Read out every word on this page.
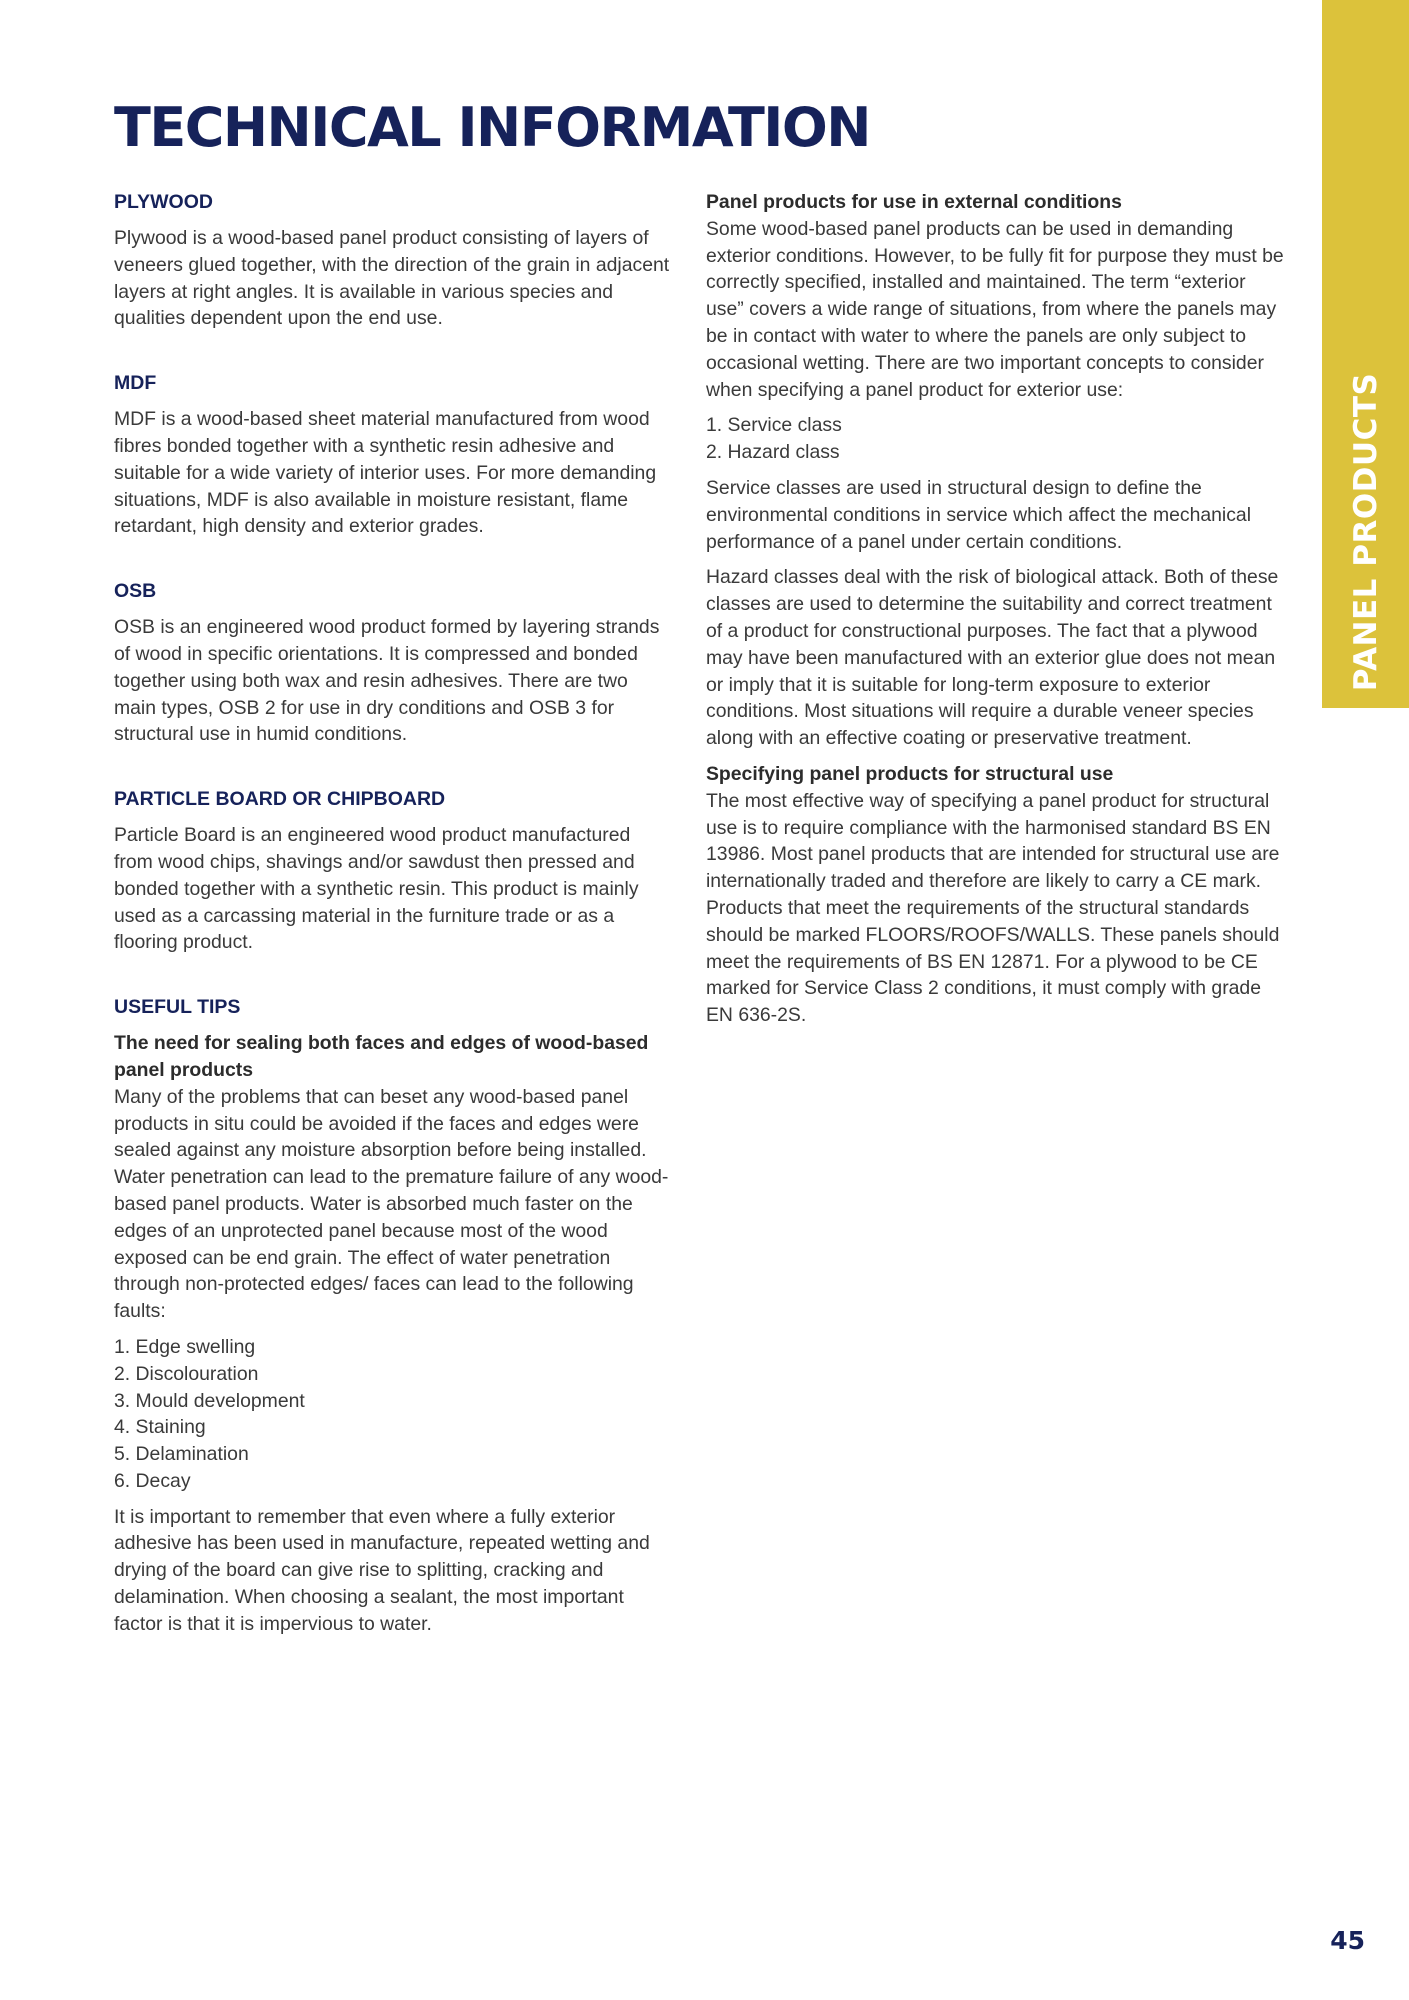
TECHNICAL INFORMATION
PANEL PRODUCTS
PLYWOOD

Plywood is a wood-based panel product consisting of layers of veneers glued together, with the direction of the grain in adjacent layers at right angles. It is available in various species and qualities dependent upon the end use.

MDF

MDF is a wood-based sheet material manufactured from wood fibres bonded together with a synthetic resin adhesive and suitable for a wide variety of interior uses. For more demanding situations, MDF is also available in moisture resistant, flame retardant, high density and exterior grades.

OSB

OSB is an engineered wood product formed by layering strands of wood in specific orientations. It is compressed and bonded together using both wax and resin adhesives. There are two main types, OSB 2 for use in dry conditions and OSB 3 for structural use in humid conditions.

PARTICLE BOARD OR CHIPBOARD

Particle Board is an engineered wood product manufactured from wood chips, shavings and/or sawdust then pressed and bonded together with a synthetic resin. This product is mainly used as a carcassing material in the furniture trade or as a flooring product.

USEFUL TIPS

The need for sealing both faces and edges of wood-based panel products

Many of the problems that can beset any wood-based panel products in situ could be avoided if the faces and edges were sealed against any moisture absorption before being installed. Water penetration can lead to the premature failure of any wood-based panel products. Water is absorbed much faster on the edges of an unprotected panel because most of the wood exposed can be end grain. The effect of water penetration through non-protected edges/ faces can lead to the following faults:

1. Edge swelling
2. Discolouration
3. Mould development
4. Staining
5. Delamination
6. Decay

It is important to remember that even where a fully exterior adhesive has been used in manufacture, repeated wetting and drying of the board can give rise to splitting, cracking and delamination. When choosing a sealant, the most important factor is that it is impervious to water.

Panel products for use in external conditions

Some wood-based panel products can be used in demanding exterior conditions. However, to be fully fit for purpose they must be correctly specified, installed and maintained. The term “exterior use” covers a wide range of situations, from where the panels may be in contact with water to where the panels are only subject to occasional wetting. There are two important concepts to consider when specifying a panel product for exterior use:

1. Service class
2. Hazard class

Service classes are used in structural design to define the environmental conditions in service which affect the mechanical performance of a panel under certain conditions.

Hazard classes deal with the risk of biological attack. Both of these classes are used to determine the suitability and correct treatment of a product for constructional purposes. The fact that a plywood may have been manufactured with an exterior glue does not mean or imply that it is suitable for long-term exposure to exterior conditions. Most situations will require a durable veneer species along with an effective coating or preservative treatment.

Specifying panel products for structural use

The most effective way of specifying a panel product for structural use is to require compliance with the harmonised standard BS EN 13986. Most panel products that are intended for structural use are internationally traded and therefore are likely to carry a CE mark. Products that meet the requirements of the structural standards should be marked FLOORS/ROOFS/WALLS. These panels should meet the requirements of BS EN 12871. For a plywood to be CE marked for Service Class 2 conditions, it must comply with grade EN 636-2S.

45
